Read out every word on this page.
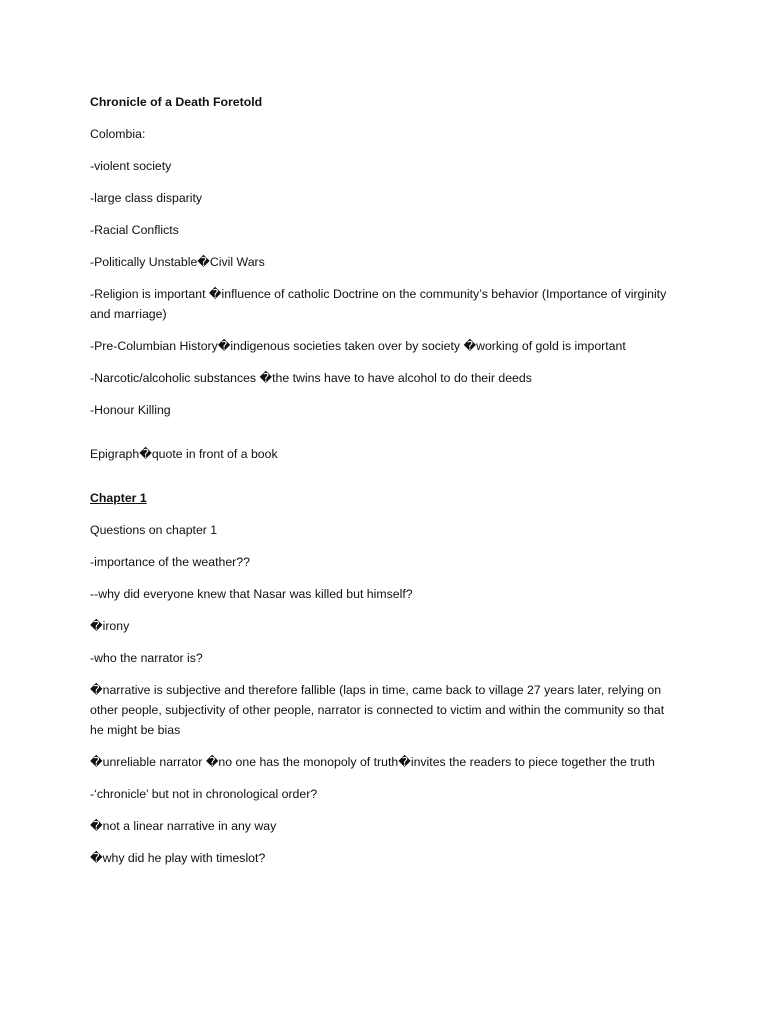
Chronicle of a Death Foretold
Colombia:
-violent society
-large class disparity
-Racial Conflicts
-Politically Unstable�Civil Wars
-Religion is important �influence of catholic Doctrine on the community’s behavior (Importance of virginity and marriage)
-Pre-Columbian History�indigenous societies taken over by society �working of gold is important
-Narcotic/alcoholic substances �the twins have to have alcohol to do their deeds
-Honour Killing
Epigraph�quote in front of a book
Chapter 1
Questions on chapter 1
-importance of the weather??
--why did everyone knew that Nasar was killed but himself?
�irony
-who the narrator is?
�narrative is subjective and therefore fallible (laps in time, came back to village 27 years later, relying on other people, subjectivity of other people, narrator is connected to victim and within the community so that he might be bias
�unreliable narrator �no one has the monopoly of truth�invites the readers to piece together the truth
-‘chronicle’ but not in chronological order?
�not a linear narrative in any way
�why did he play with timeslot?
